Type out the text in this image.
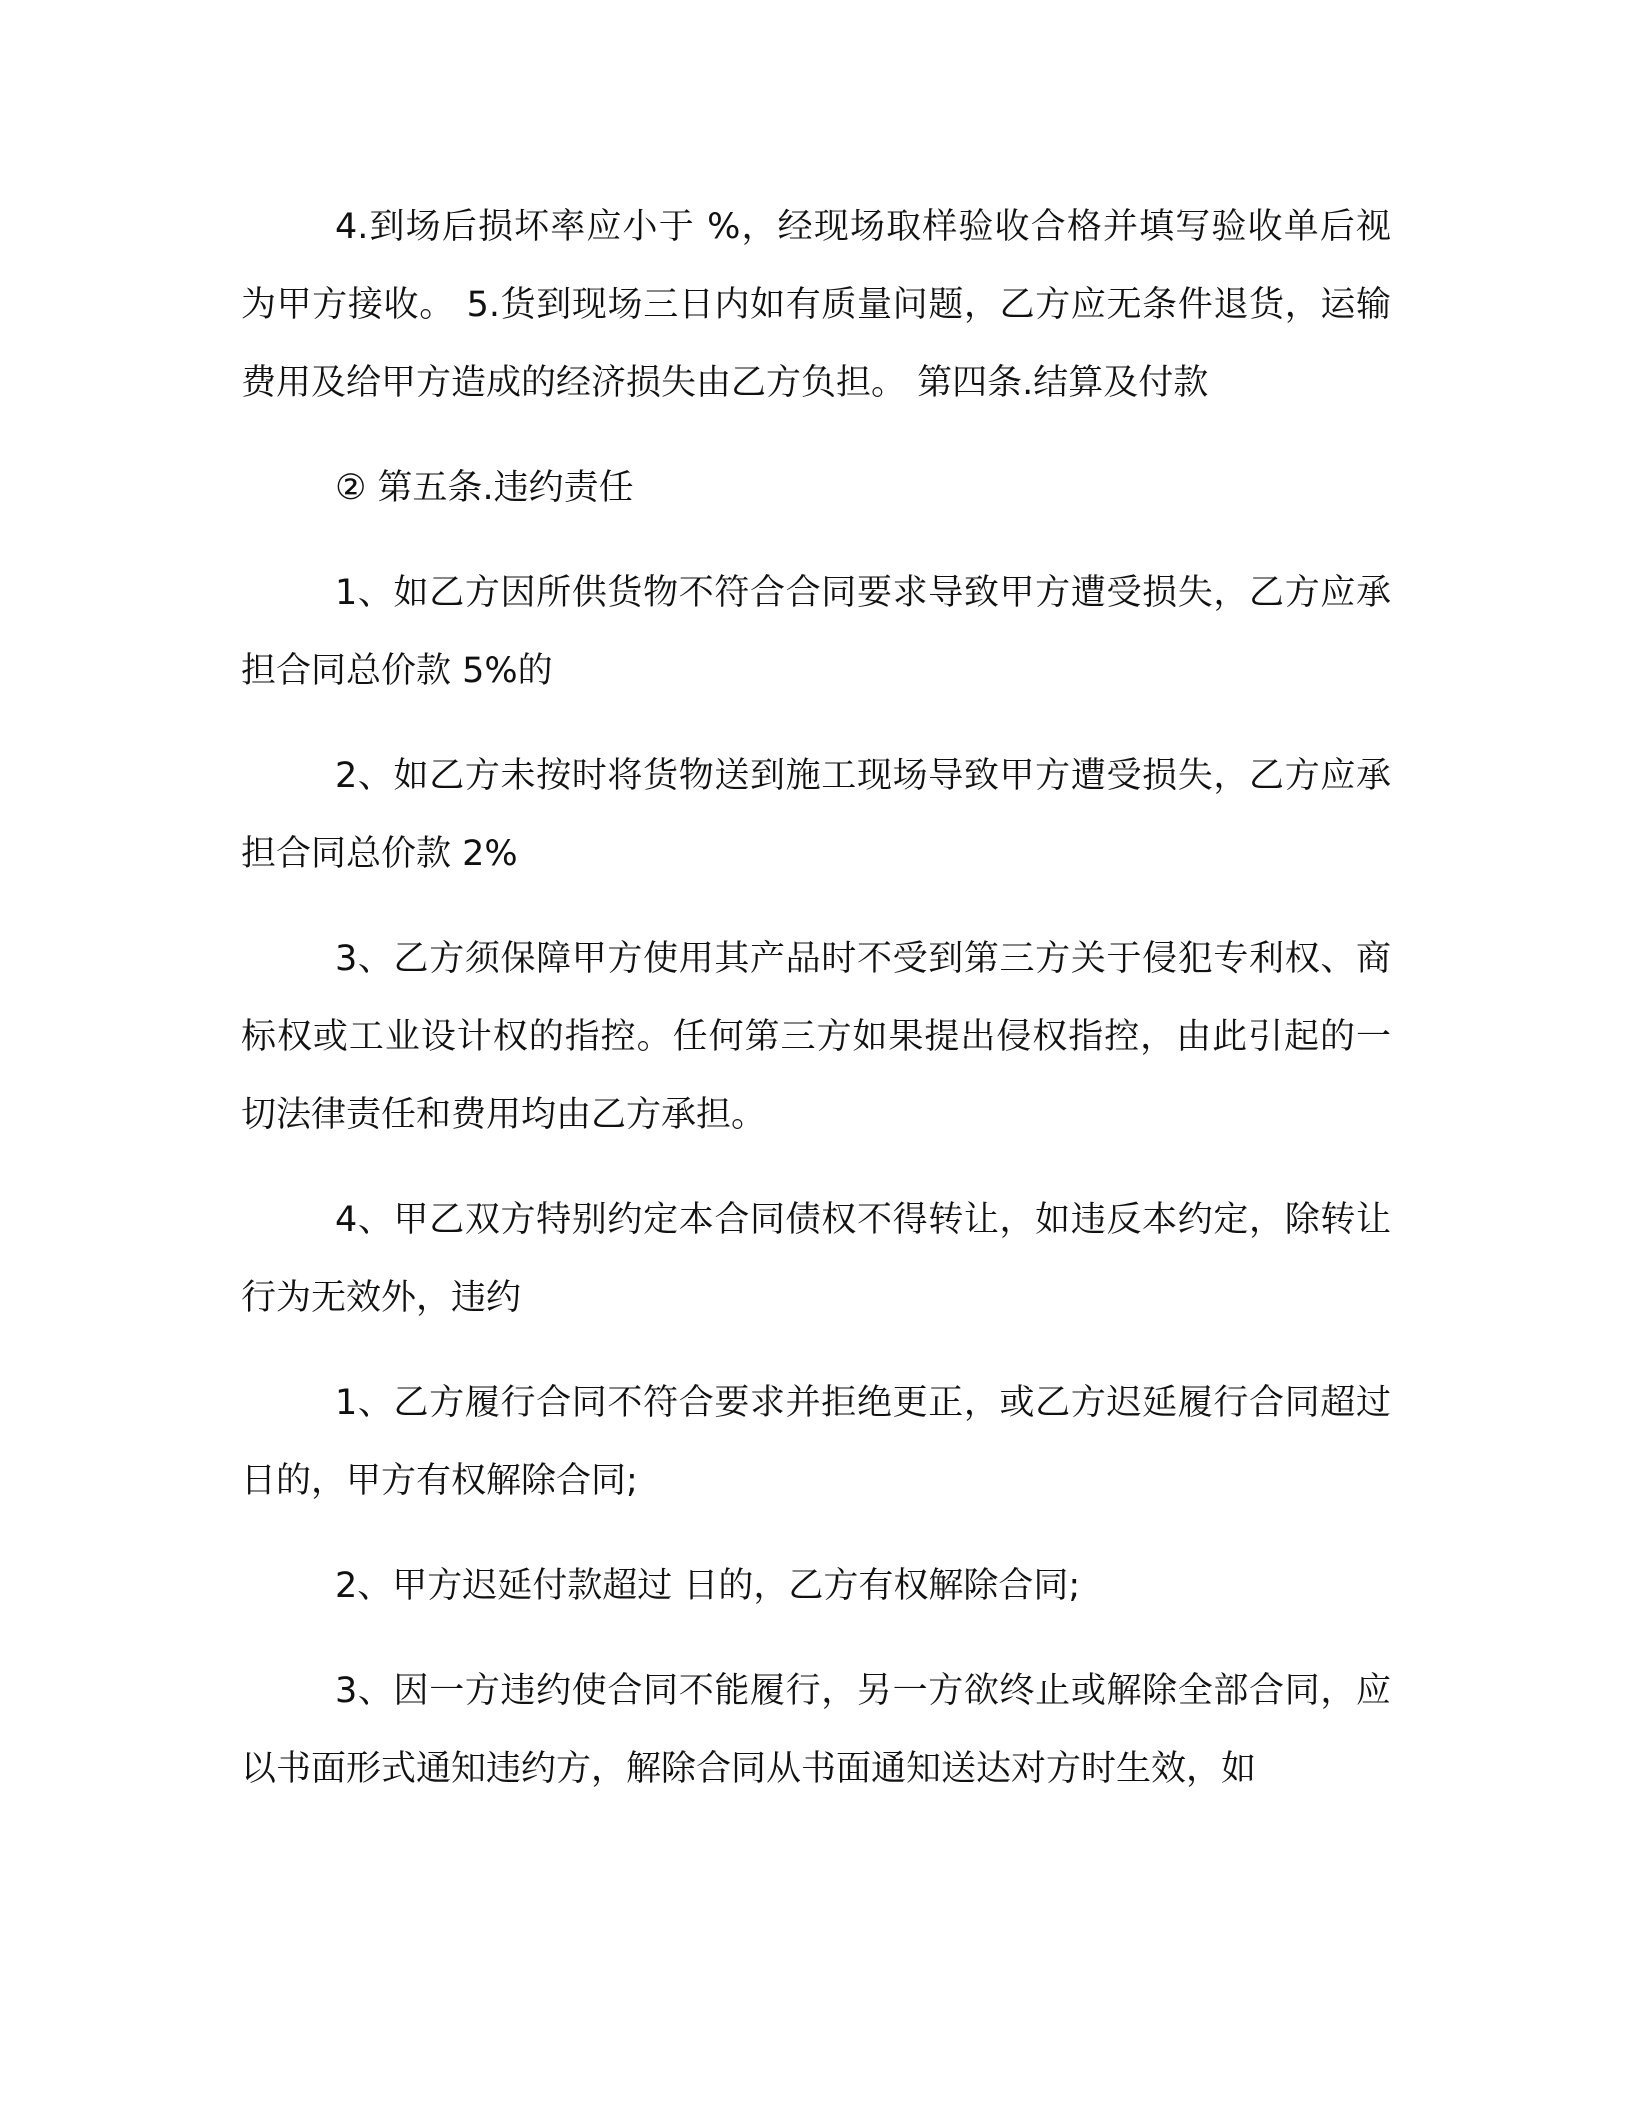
4.到场后损坏率应小于 %，经现场取样验收合格并填写验收单后视为甲方接收。 5.货到现场三日内如有质量问题，乙方应无条件退货，运输费用及给甲方造成的经济损失由乙方负担。 第四条.结算及付款

② 第五条.违约责任

1、如乙方因所供货物不符合合同要求导致甲方遭受损失，乙方应承担合同总价款 5%的

2、如乙方未按时将货物送到施工现场导致甲方遭受损失，乙方应承担合同总价款 2%

3、乙方须保障甲方使用其产品时不受到第三方关于侵犯专利权、商标权或工业设计权的指控。任何第三方如果提出侵权指控，由此引起的一切法律责任和费用均由乙方承担。

4、甲乙双方特别约定本合同债权不得转让，如违反本约定，除转让行为无效外，违约

1、乙方履行合同不符合要求并拒绝更正，或乙方迟延履行合同超过 日的，甲方有权解除合同;

2、甲方迟延付款超过 日的，乙方有权解除合同;

3、因一方违约使合同不能履行，另一方欲终止或解除全部合同，应以书面形式通知违约方，解除合同从书面通知送达对方时生效，如
